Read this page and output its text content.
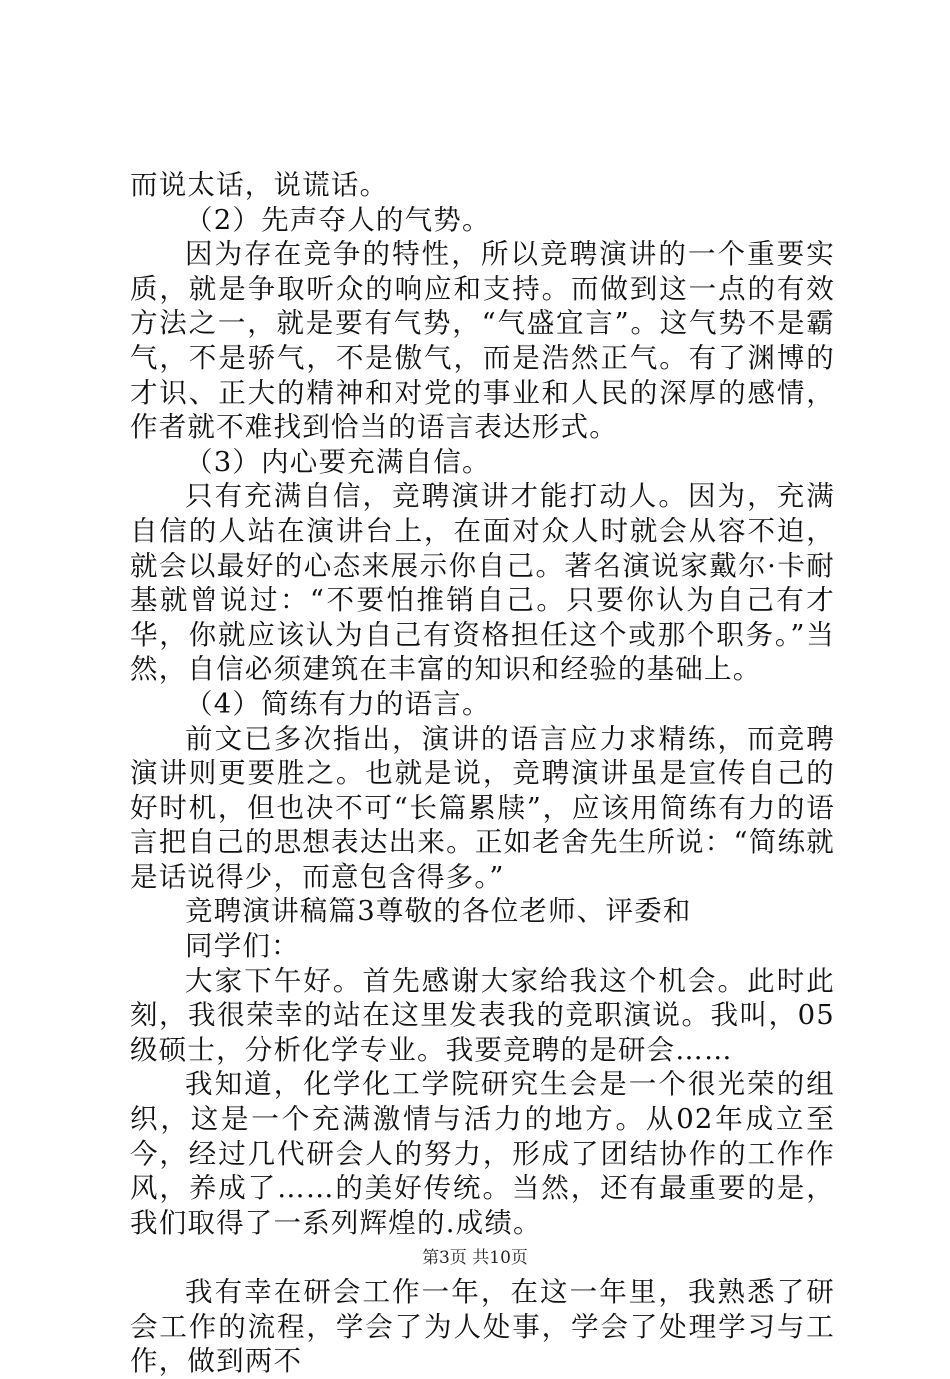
而说太话，说谎话。

（2）先声夺人的气势。

因为存在竞争的特性，所以竞聘演讲的一个重要实质，就是争取听众的响应和支持。而做到这一点的有效方法之一，就是要有气势，“气盛宜言”。这气势不是霸气，不是骄气，不是傲气，而是浩然正气。有了渊博的才识、正大的精神和对党的事业和人民的深厚的感情，作者就不难找到恰当的语言表达形式。

（3）内心要充满自信。

只有充满自信，竞聘演讲才能打动人。因为，充满自信的人站在演讲台上，在面对众人时就会从容不迫，就会以最好的心态来展示你自己。著名演说家戴尔·卡耐基就曾说过：“不要怕推销自己。只要你认为自己有才华，你就应该认为自己有资格担任这个或那个职务。”当然，自信必须建筑在丰富的知识和经验的基础上。

（4）简练有力的语言。

前文已多次指出，演讲的语言应力求精练，而竞聘演讲则更要胜之。也就是说，竞聘演讲虽是宣传自己的好时机，但也决不可“长篇累牍”，应该用简练有力的语言把自己的思想表达出来。正如老舍先生所说：“简练就是话说得少，而意包含得多。”

竞聘演讲稿篇3尊敬的各位老师、评委和

同学们：

大家下午好。首先感谢大家给我这个机会。此时此刻，我很荣幸的站在这里发表我的竞职演说。我叫，05级硕士，分析化学专业。我要竞聘的是研会……

我知道，化学化工学院研究生会是一个很光荣的组织，这是一个充满激情与活力的地方。从02年成立至今，经过几代研会人的努力，形成了团结协作的工作作风，养成了……的美好传统。当然，还有最重要的是，我们取得了一系列辉煌的.成绩。

我有幸在研会工作一年，在这一年里，我熟悉了研会工作的流程，学会了为人处事，学会了处理学习与工作，做到两不

第3页 共10页
